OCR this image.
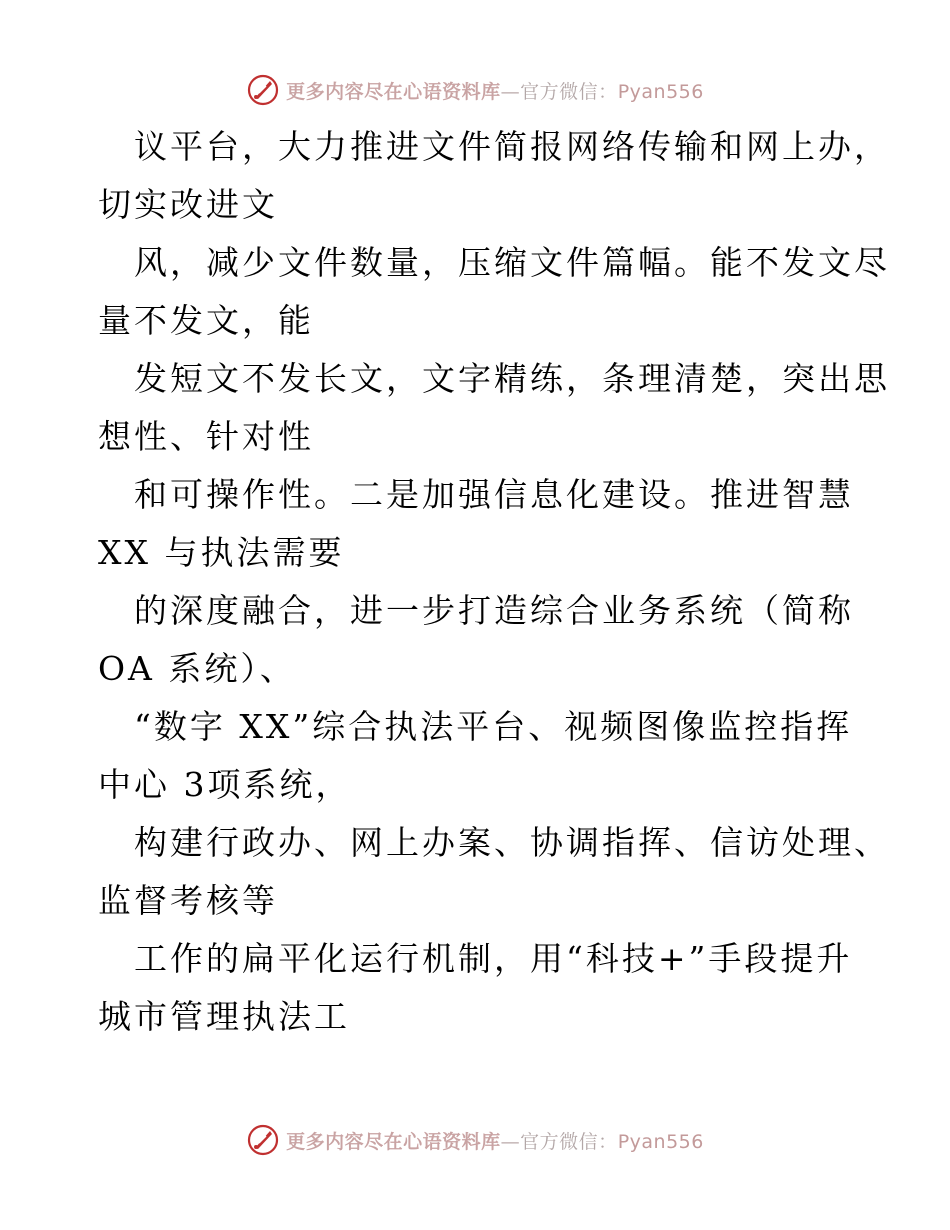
更多内容尽在心语资料库—官方微信：Pyan556
议平台，大力推进文件简报网络传输和网上办，
切实改进文
风，减少文件数量，压缩文件篇幅。能不发文尽
量不发文，能
发短文不发长文，文字精练，条理清楚，突出思
想性、针对性
和可操作性。二是加强信息化建设。推进智慧
XX 与执法需要
的深度融合，进一步打造综合业务系统（简称
OA 系统）、
“数字 XX”综合执法平台、视频图像监控指挥
中心 3项系统，
构建行政办、网上办案、协调指挥、信访处理、
监督考核等
工作的扁平化运行机制，用“科技+”手段提升
城市管理执法工
更多内容尽在心语资料库—官方微信：Pyan556
